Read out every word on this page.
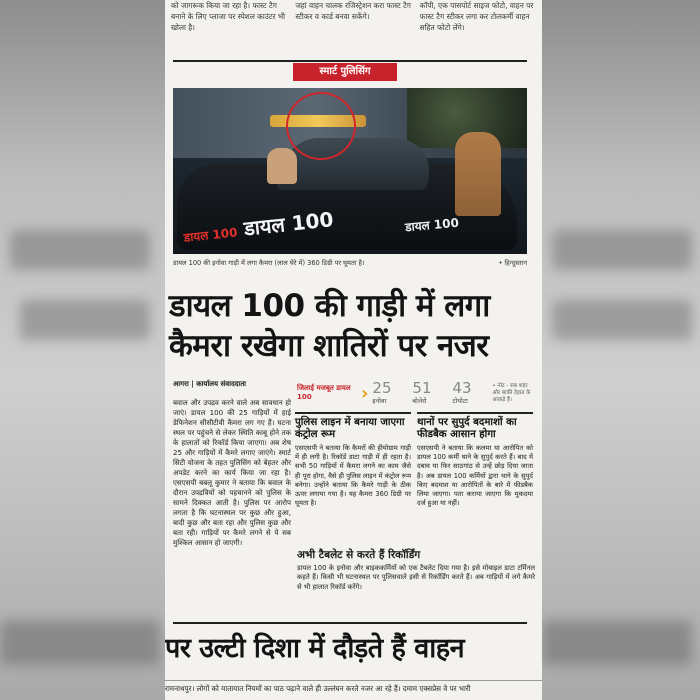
को जागरूक किया जा रहा है। फास्ट टैग बनाने के लिए प्लाजा पर स्पेशल काउंटर भी खोला है।
जहां वाहन चालक रजिस्ट्रेशन करा फास्ट टैग स्टीकर व कार्ड बनवा सकेंगे।
कॉपी, एक पासपोर्ट साइज फोटो, वाहन पर फास्ट टैग स्टीकर लगा कर टोलकर्मी वाहन सहित फोटो लेंगे।
स्मार्ट पुलिसिंग
डायल 100 डायल 100	डायल 100
डायल 100 की इनोवा गाड़ी में लगा कैमरा (लाल घेरे में) 360 डिग्री पर घूमता है।	• हिन्दुस्तान
डायल 100 की गाड़ी में लगा
कैमरा रखेगा शातिरों पर नजर
आगरा | कार्यालय संवाददाता
बवाल और उपद्रव करने वाले अब सावधान हो जाएं। डायल 100 की 25 गाड़ियों में हाई डेफिनेशन सीसीटीवी कैमरा लग गए हैं। घटना स्थल पर पहुंचने से लेकर स्थिति काबू होने तक के हालातों को रिकॉर्ड किया जाएगा। अब शेष 25 और गाड़ियों में कैमरे लगाए जाएंगे। स्मार्ट सिटी योजना के तहत पुलिसिंग को बेहतर और अपडेट करने का कार्य किया जा रहा है। एसएसपी बबलू कुमार ने बताया कि बवाल के दौरान उपद्रवियों को पहचानने को पुलिस के सामने दिक्कत आती है। पुलिस पर आरोप लगता है कि घटनास्थल पर कुछ और हुआ, बादी कुछ और बता रहा और पुलिस कुछ और बता रही। गाड़ियों पर कैमरे लगने से ये सब मुश्किल आसान हो जाएगी।
जिलाई मजबूत डायल 100	› 25
इनोवा
51
बोलेरो
43
टोयोटा
• नोट - सब शहर और बाकी देहात के आंकड़े हैं।
पुलिस लाइन में बनाया जाएगा कंट्रोल रूम

एसएसपी ने बताया कि कैमरों की हीयोग्राम गाड़ी में ही लगी है। रिकॉर्ड डाटा गाड़ी में ही रहता है। सभी 50 गाड़ियों में कैमरा लगने का काम जैसे ही पूरा होगा, वैसे ही पुलिस लाइन में कंट्रोल रूम बनेगा। उन्होंने बताया कि कैमरे गाड़ी के ठीक ऊपर लगाया गया है। यह कैमरा 360 डिग्री पर घूमता है।

थानों पर सुपुर्द बदमाशों का फीडबैक आसान होगा

एसएसपी ने बताया कि कलमा या आरोपित को डायल 100 कर्मी थाने के सुपुर्द करते हैं। बाद में दबाव या फिर साठगांठ से उन्हें छोड़ दिया जाता है। अब डायल 100 कर्मियों द्वारा थाने के सुपुर्द किए बदमाश या आरोपितों के बारे में फीडबैक लिया जाएगा। पता कराया जाएगा कि मुकदमा दर्ज हुआ या नहीं।

अभी टैबलेट से करते हैं रिकॉर्डिंग

डायल 100 के इनोवा और बाइककर्मियों को एक टैबलेट दिया गया है। इसे मोबाइल डाटा टर्मिनल कहते हैं। किसी भी घटनास्थल पर पुलिसवाले इसी से रिकॉर्डिंग करते हैं। अब गाड़ियों में लगे कैमरे से भी हालात रिकॉर्ड करेंगे।

पर उल्टी दिशा में दौड़ते हैं वाहन
रामनाथपुर। लोगों को यातायात नियमों का पाठ पढ़ाने वाले ही उल्लंघन करते नजर आ रहे हैं। दमाम एक्सप्रेस वे पर भारी
